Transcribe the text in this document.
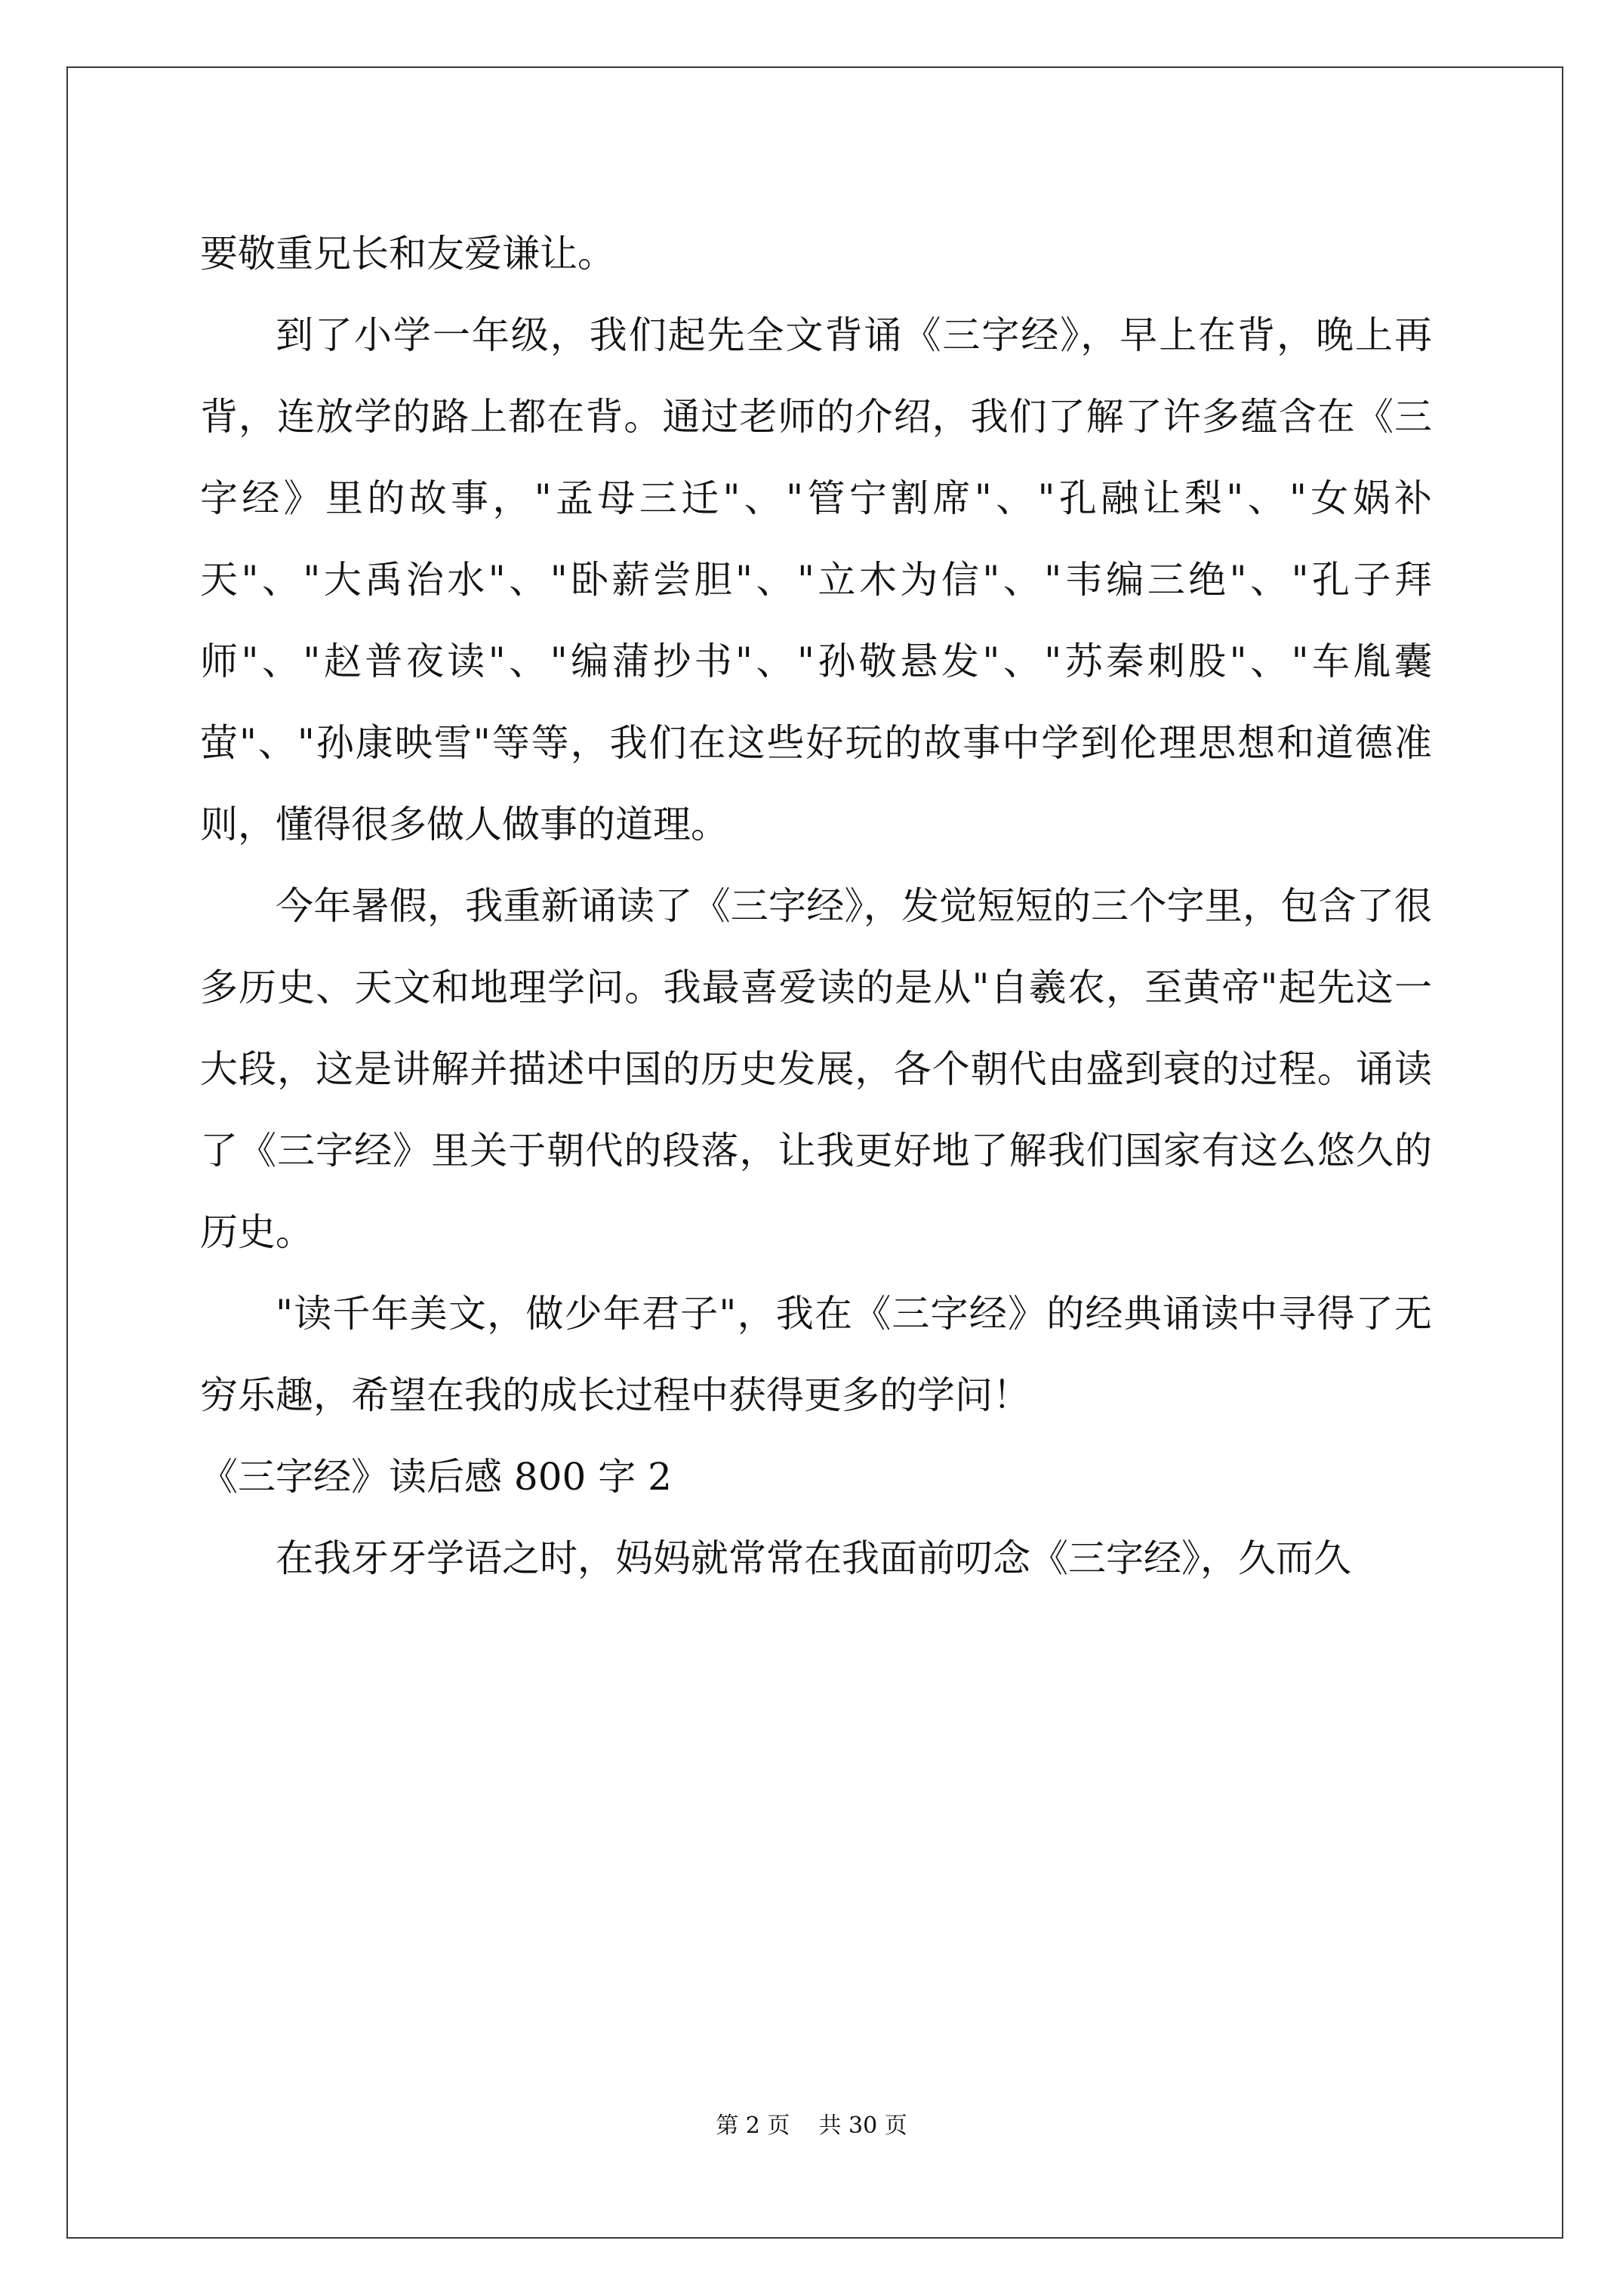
要敬重兄长和友爱谦让。

到了小学一年级，我们起先全文背诵《三字经》，早上在背，晚上再背，连放学的路上都在背。通过老师的介绍，我们了解了许多蕴含在《三字经》里的故事，"孟母三迁"、"管宁割席"、"孔融让梨"、"女娲补天"、"大禹治水"、"卧薪尝胆"、"立木为信"、"韦编三绝"、"孔子拜师"、"赵普夜读"、"编蒲抄书"、"孙敬悬发"、"苏秦刺股"、"车胤囊萤"、"孙康映雪"等等，我们在这些好玩的故事中学到伦理思想和道德准则，懂得很多做人做事的道理。

今年暑假，我重新诵读了《三字经》，发觉短短的三个字里，包含了很多历史、天文和地理学问。我最喜爱读的是从"自羲农，至黄帝"起先这一大段，这是讲解并描述中国的历史发展，各个朝代由盛到衰的过程。诵读了《三字经》里关于朝代的段落，让我更好地了解我们国家有这么悠久的历史。

"读千年美文，做少年君子"，我在《三字经》的经典诵读中寻得了无穷乐趣，希望在我的成长过程中获得更多的学问！

《三字经》读后感 800 字 2

在我牙牙学语之时，妈妈就常常在我面前叨念《三字经》，久而久

第 2 页    共 30 页
